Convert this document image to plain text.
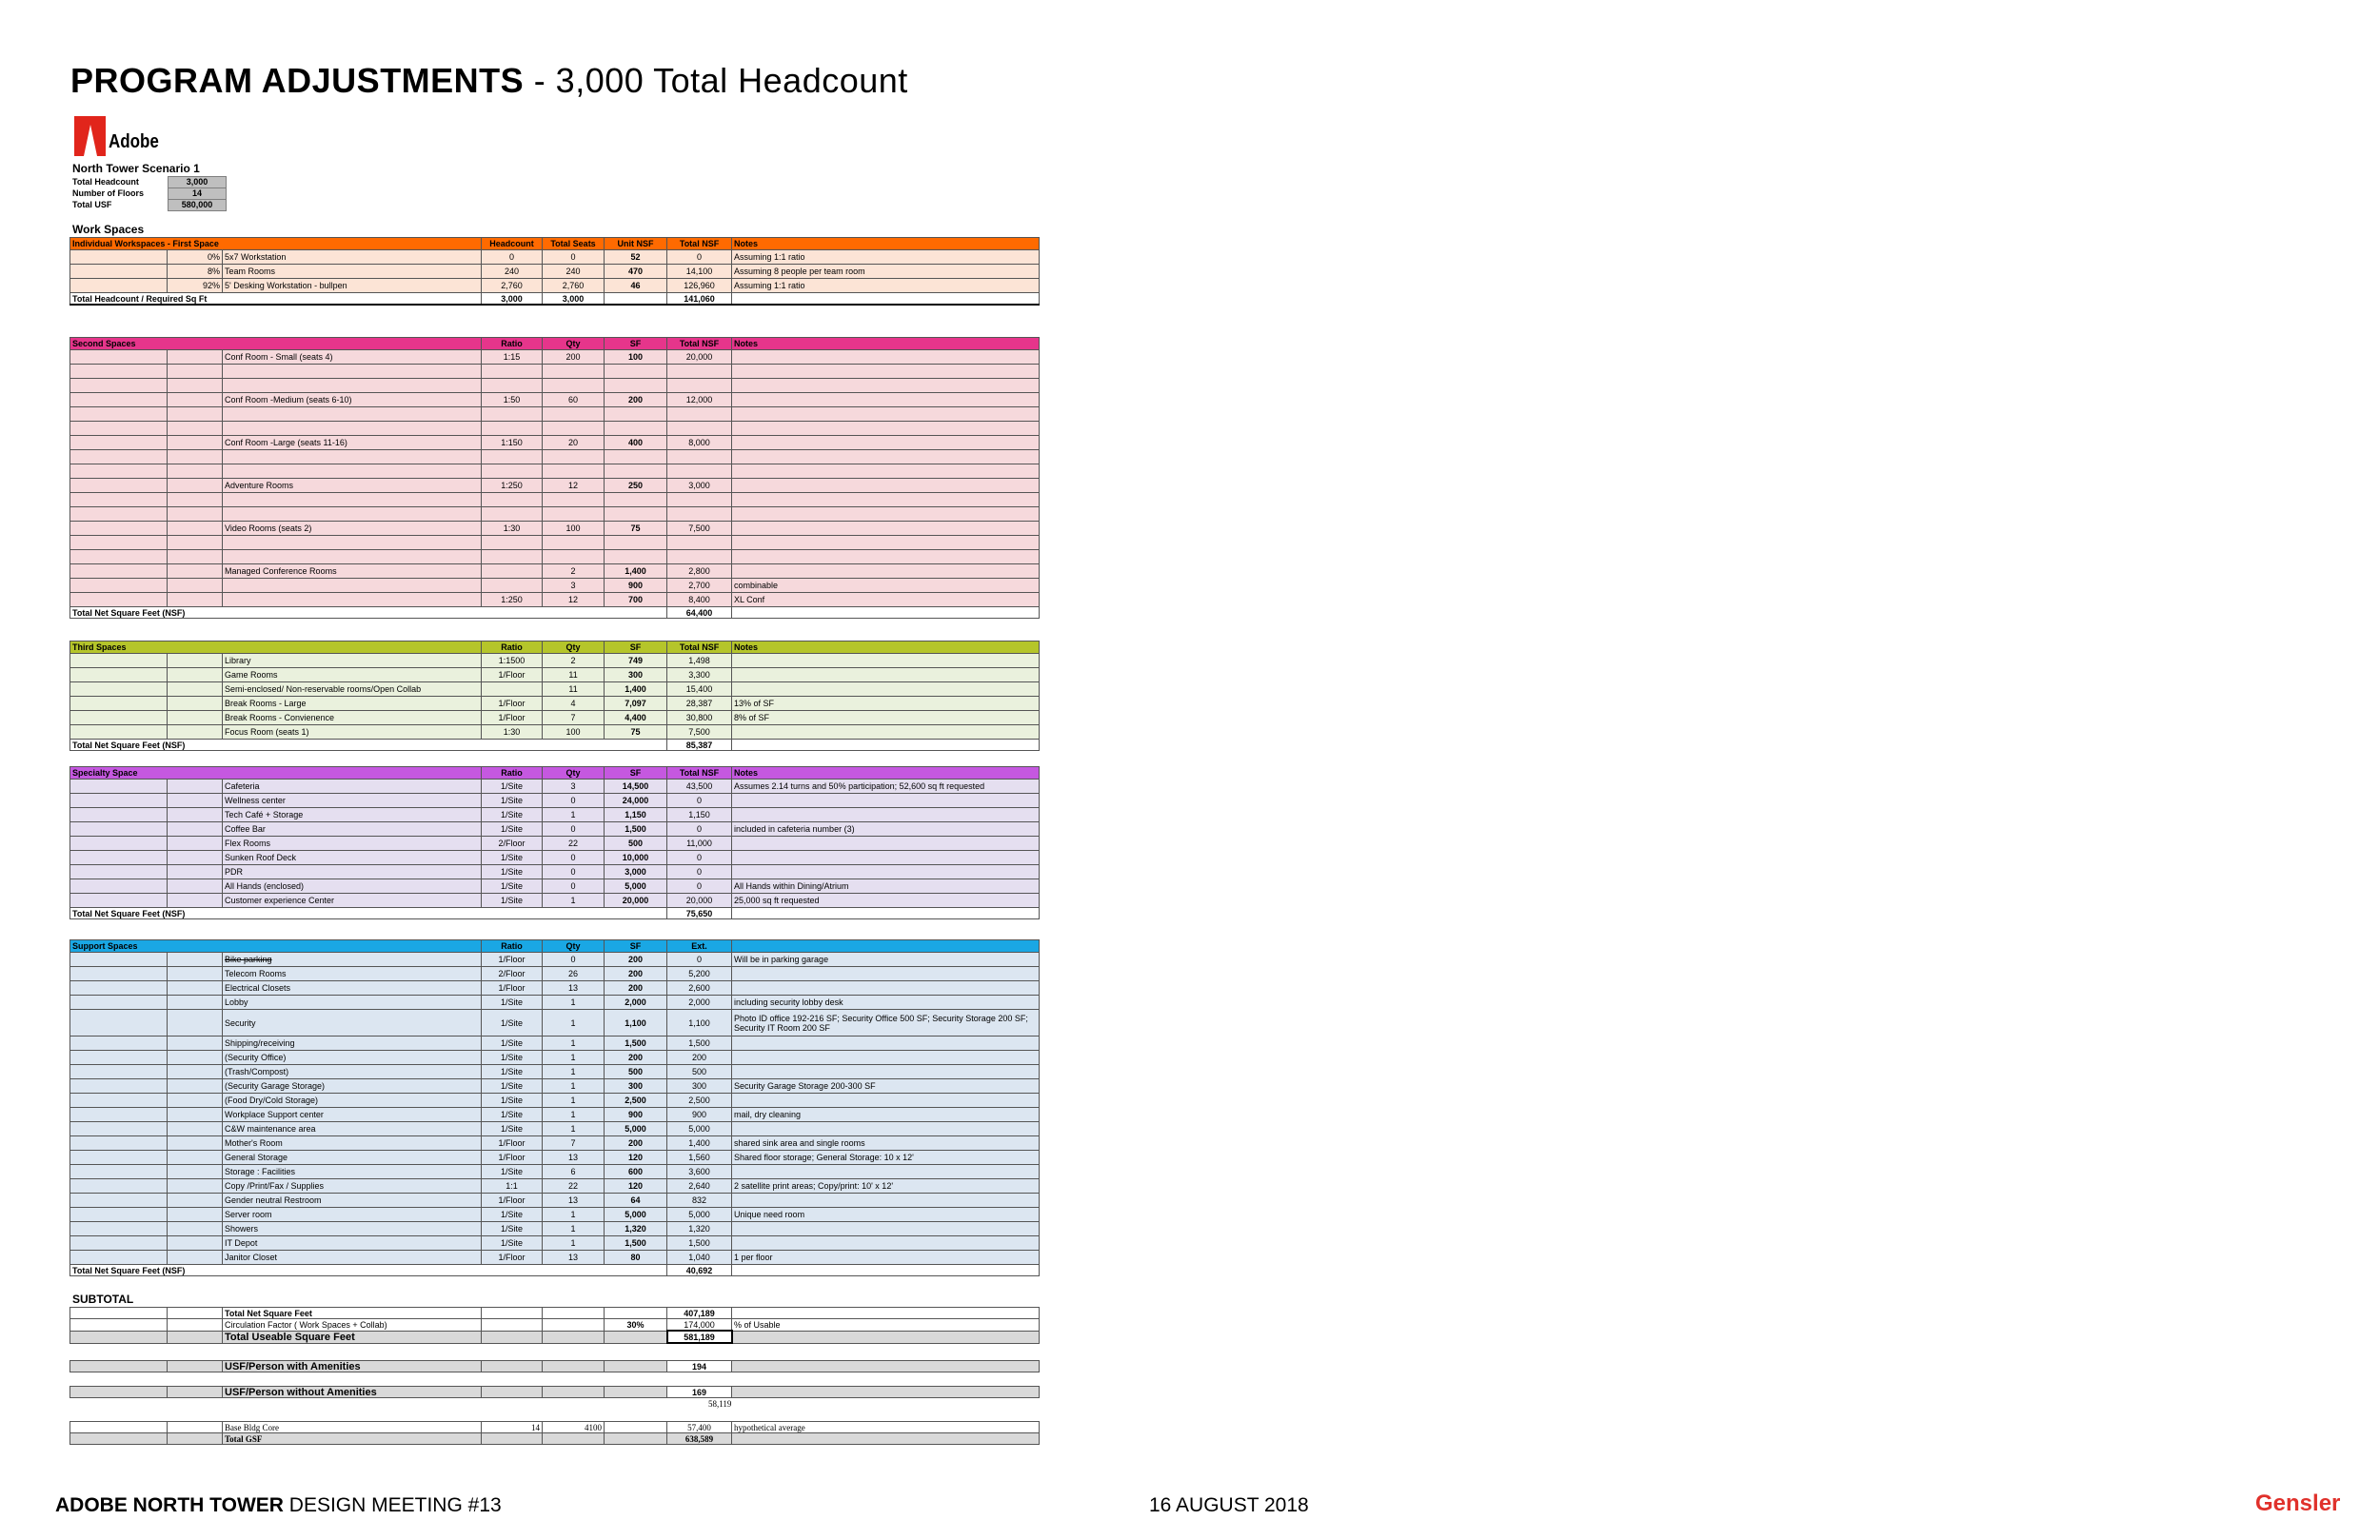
PROGRAM ADJUSTMENTS - 3,000 Total Headcount
Adobe
North Tower Scenario 1
Total Headcount	3,000
Number of Floors	14
Total USF	580,000
Work Spaces
Individual Workspaces - First Space			Headcount	Total Seats	Unit NSF	Total NSF	Notes
	0%	5x7 Workstation	0	0	52	0	Assuming 1:1 ratio
	8%	Team Rooms	240	240	470	14,100	Assuming 8 people per team room
	92%	5' Desking Workstation - bullpen	2,760	2,760	46	126,960	Assuming 1:1 ratio
Total Headcount / Required Sq Ft			3,000	3,000		141,060	
Second Spaces			Ratio	Qty	SF	Total NSF	Notes
		Conf Room - Small (seats 4)	1:15	200	100	20,000	

		Conf Room -Medium (seats 6-10)	1:50	60	200	12,000	

		Conf Room -Large (seats 11-16)	1:150	20	400	8,000	

		Adventure Rooms	1:250	12	250	3,000	

		Video Rooms (seats 2)	1:30	100	75	7,500	

		Managed Conference Rooms		2	1,400	2,800	
				3	900	2,700	combinable
			1:250	12	700	8,400	XL Conf
Total Net Square Feet (NSF)						64,400	
Third Spaces			Ratio	Qty	SF	Total NSF	Notes
		Library	1:1500	2	749	1,498	
		Game Rooms	1/Floor	11	300	3,300	
		Semi-enclosed/ Non-reservable rooms/Open Collab		11	1,400	15,400	
		Break Rooms - Large	1/Floor	4	7,097	28,387	13% of SF
		Break Rooms - Convienence	1/Floor	7	4,400	30,800	8% of SF
		Focus Room (seats 1)	1:30	100	75	7,500	
Total Net Square Feet (NSF)						85,387	
Specialty Space			Ratio	Qty	SF	Total NSF	Notes
		Cafeteria	1/Site	3	14,500	43,500	Assumes 2.14 turns and 50% participation; 52,600 sq ft requested
		Wellness center	1/Site	0	24,000	0	
		Tech Café + Storage	1/Site	1	1,150	1,150	
		Coffee Bar	1/Site	0	1,500	0	included in cafeteria number (3)
		Flex Rooms	2/Floor	22	500	11,000	
		Sunken Roof Deck	1/Site	0	10,000	0	
		PDR	1/Site	0	3,000	0	
		All Hands (enclosed)	1/Site	0	5,000	0	All Hands within Dining/Atrium
		Customer experience Center	1/Site	1	20,000	20,000	25,000 sq ft requested
Total Net Square Feet (NSF)						75,650	
Support Spaces			Ratio	Qty	SF	Ext.	
		Bike parking	1/Floor	0	200	0	Will be in parking garage
		Telecom Rooms	2/Floor	26	200	5,200	
		Electrical Closets	1/Floor	13	200	2,600	
		Lobby	1/Site	1	2,000	2,000	including security lobby desk
		Security	1/Site	1	1,100	1,100	Photo ID office 192-216 SF; Security Office 500 SF; Security Storage 200 SF; Security IT Room 200 SF
		Shipping/receiving	1/Site	1	1,500	1,500	
		(Security Office)	1/Site	1	200	200	
		(Trash/Compost)	1/Site	1	500	500	
		(Security Garage Storage)	1/Site	1	300	300	Security Garage Storage 200-300 SF
		(Food Dry/Cold Storage)	1/Site	1	2,500	2,500	
		Workplace Support center	1/Site	1	900	900	mail, dry cleaning
		C&W maintenance area	1/Site	1	5,000	5,000	
		Mother's Room	1/Floor	7	200	1,400	shared sink area and single rooms
		General Storage	1/Floor	13	120	1,560	Shared floor storage; General Storage: 10 x 12'
		Storage : Facilities	1/Site	6	600	3,600	
		Copy /Print/Fax / Supplies	1:1	22	120	2,640	2 satellite print areas; Copy/print: 10' x 12'
		Gender neutral Restroom	1/Floor	13	64	832	
		Server room	1/Site	1	5,000	5,000	Unique need room
		Showers	1/Site	1	1,320	1,320	
		IT Depot	1/Site	1	1,500	1,500	
		Janitor Closet	1/Floor	13	80	1,040	1 per floor
Total Net Square Feet (NSF)						40,692	
SUBTOTAL
		Total Net Square Feet				407,189	
		Circulation Factor ( Work Spaces + Collab)			30%	174,000	% of Usable
		Total Useable Square Feet				581,189	
		USF/Person with Amenities				194	
		USF/Person without Amenities				169	
58,119
		Base Bldg Core	14	4100		57,400	hypothetical average
		Total GSF				638,589	
ADOBE NORTH TOWER DESIGN MEETING #13	16 AUGUST 2018	Gensler
